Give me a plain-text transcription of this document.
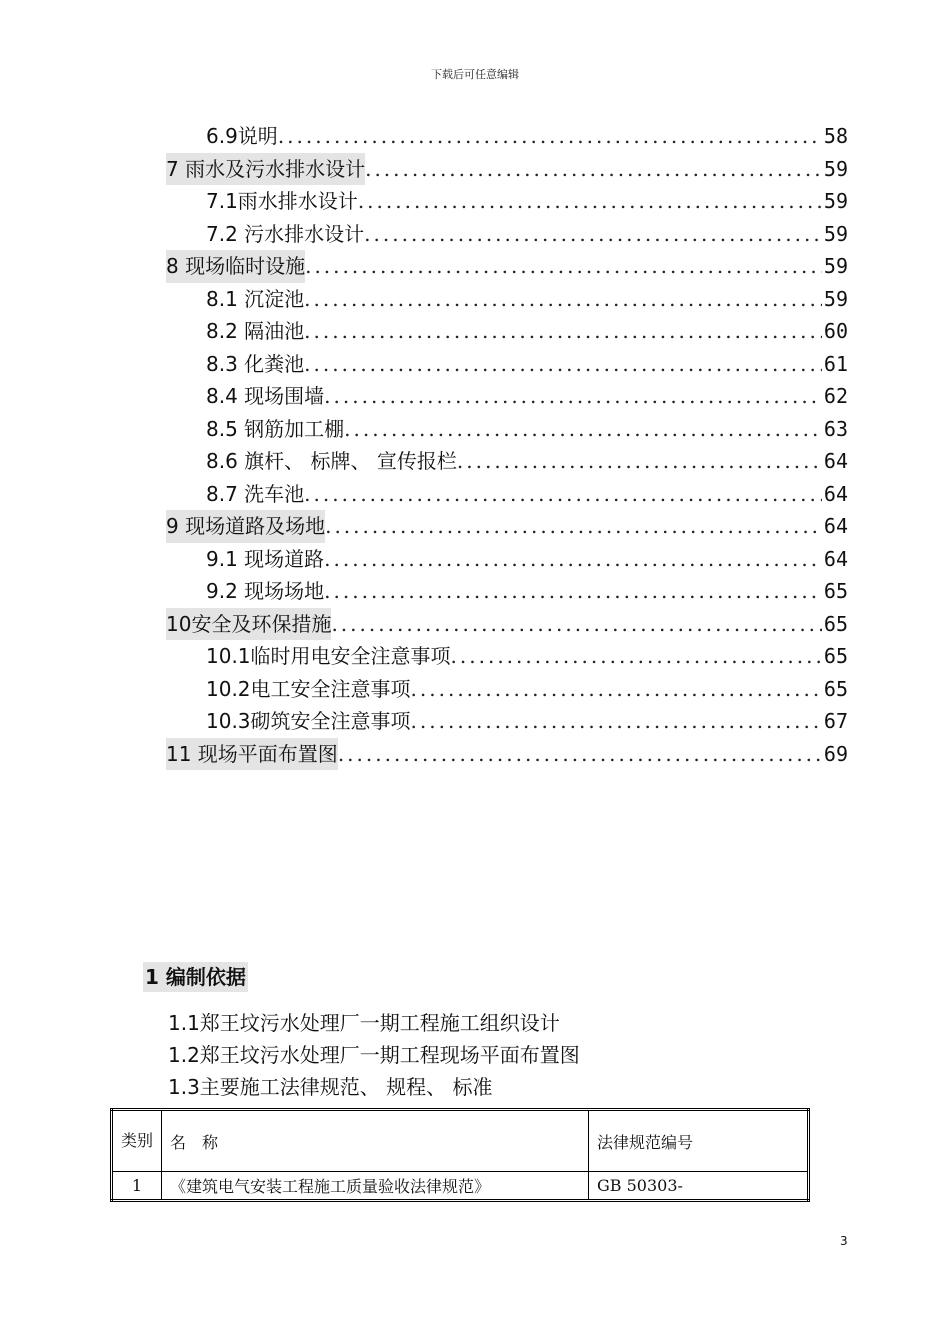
下载后可任意编辑
6.9说明 .....	58
7 雨水及污水排水设计 .....	59
7.1雨水排水设计 .....	59
7.2 污水排水设计 .....	59
8 现场临时设施 .....	59
8.1 沉淀池 .....	59
8.2 隔油池 .....	60
8.3 化粪池 .....	61
8.4 现场围墙 .....	62
8.5 钢筋加工棚 .....	63
8.6 旗杆、 标牌、 宣传报栏 .....	64
8.7 洗车池 .....	64
9 现场道路及场地 .....	64
9.1 现场道路 .....	64
9.2 现场场地 .....	65
10安全及环保措施 .....	65
10.1临时用电安全注意事项 .....	65
10.2电工安全注意事项 .....	65
10.3砌筑安全注意事项 .....	67
11 现场平面布置图 .....	69
1 编制依据
1.1郑王坟污水处理厂一期工程施工组织设计
1.2郑王坟污水处理厂一期工程现场平面布置图
1.3主要施工法律规范、 规程、 标准
类别	名　称	法律规范编号
1	《建筑电气安装工程施工质量验收法律规范》	GB 50303-
3
